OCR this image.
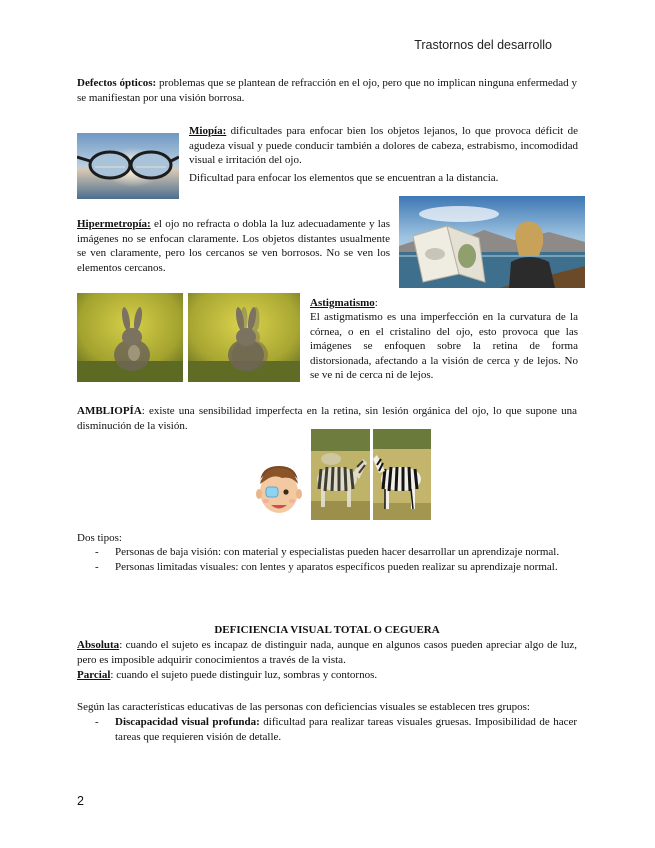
Trastornos del desarrollo

Defectos ópticos: problemas que se plantean de refracción en el ojo, pero que no implican ninguna enfermedad y se manifiestan por una visión borrosa.

Miopía: dificultades para enfocar bien los objetos lejanos, lo que provoca déficit de agudeza visual y puede conducir también a dolores de cabeza, estrabismo, incomodidad visual e irritación del ojo.

Dificultad para enfocar los elementos que se encuentran a la distancia.

Hipermetropía: el ojo no refracta o dobla la luz adecuadamente y las imágenes no se enfocan claramente. Los objetos distantes usualmente se ven claramente, pero los cercanos se ven borrosos. No se ven los elementos cercanos.

Astigmatismo:

El astigmatismo es una imperfección en la curvatura de la córnea, o en el cristalino del ojo, esto provoca que las imágenes se enfoquen sobre la retina de forma distorsionada, afectando a la visión de cerca y de lejos. No se ve ni de cerca ni de lejos.

AMBLIOPÍA: existe una sensibilidad imperfecta en la retina, sin lesión orgánica del ojo, lo que supone una disminución de la visión.

Dos tipos:

- Personas de baja visión: con material y especialistas pueden hacer desarrollar un aprendizaje normal.
- Personas limitadas visuales: con lentes y aparatos específicos pueden realizar su aprendizaje normal.

DEFICIENCIA VISUAL TOTAL O CEGUERA

Absoluta: cuando el sujeto es incapaz de distinguir nada, aunque en algunos casos pueden apreciar algo de luz, pero es imposible adquirir conocimientos a través de la vista.

Parcial: cuando el sujeto puede distinguir luz, sombras y contornos.

Según las características educativas de las personas con deficiencias visuales se establecen tres grupos:

- Discapacidad visual profunda: dificultad para realizar tareas visuales gruesas. Imposibilidad de hacer tareas que requieren visión de detalle.
2
